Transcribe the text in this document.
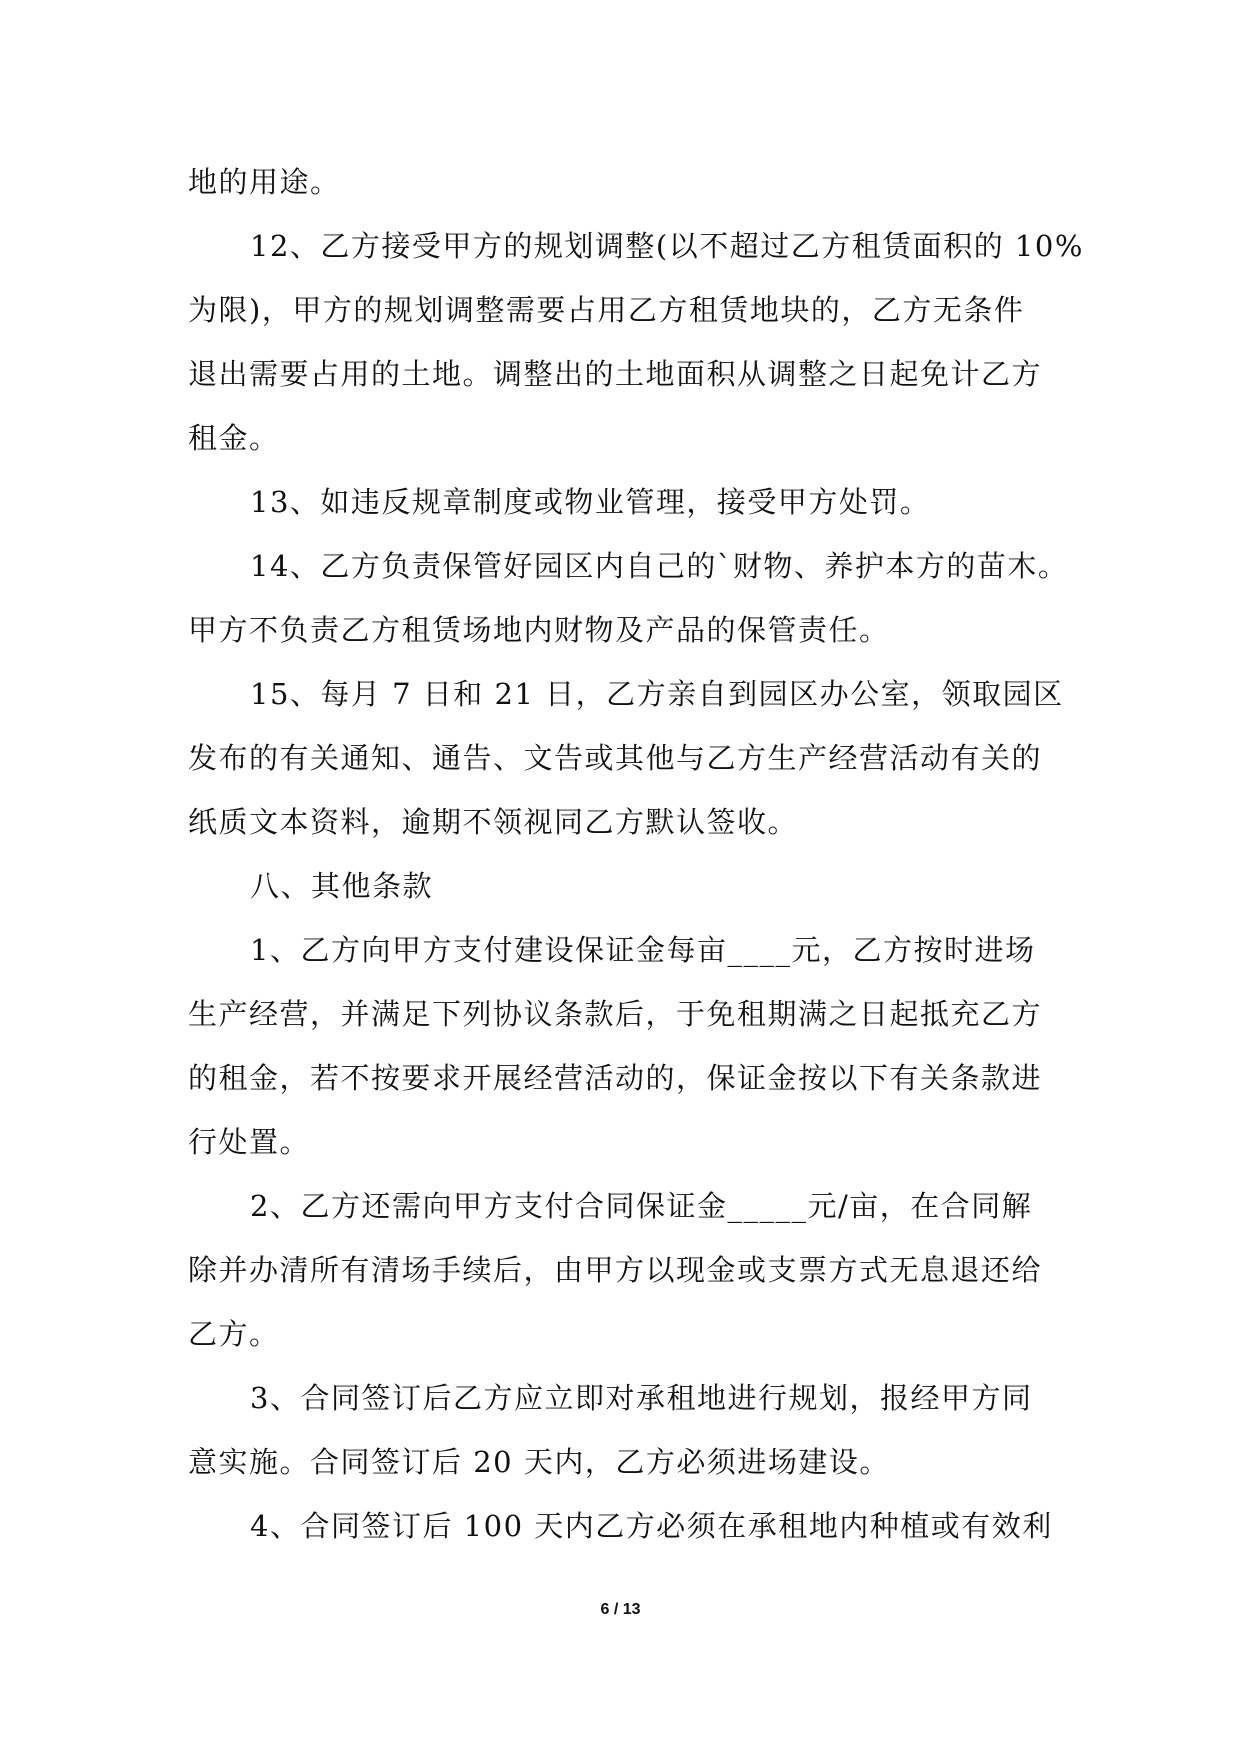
地的用途。
12、乙方接受甲方的规划调整(以不超过乙方租赁面积的 10%
为限)，甲方的规划调整需要占用乙方租赁地块的，乙方无条件
退出需要占用的土地。调整出的土地面积从调整之日起免计乙方
租金。
13、如违反规章制度或物业管理，接受甲方处罚。
14、乙方负责保管好园区内自己的`财物、养护本方的苗木。
甲方不负责乙方租赁场地内财物及产品的保管责任。
15、每月 7 日和 21 日，乙方亲自到园区办公室，领取园区
发布的有关通知、通告、文告或其他与乙方生产经营活动有关的
纸质文本资料，逾期不领视同乙方默认签收。
八、其他条款
1、乙方向甲方支付建设保证金每亩____元，乙方按时进场
生产经营，并满足下列协议条款后，于免租期满之日起抵充乙方
的租金，若不按要求开展经营活动的，保证金按以下有关条款进
行处置。
2、乙方还需向甲方支付合同保证金_____元/亩，在合同解
除并办清所有清场手续后，由甲方以现金或支票方式无息退还给
乙方。
3、合同签订后乙方应立即对承租地进行规划，报经甲方同
意实施。合同签订后 20 天内，乙方必须进场建设。
4、合同签订后 100 天内乙方必须在承租地内种植或有效利
6 / 13
